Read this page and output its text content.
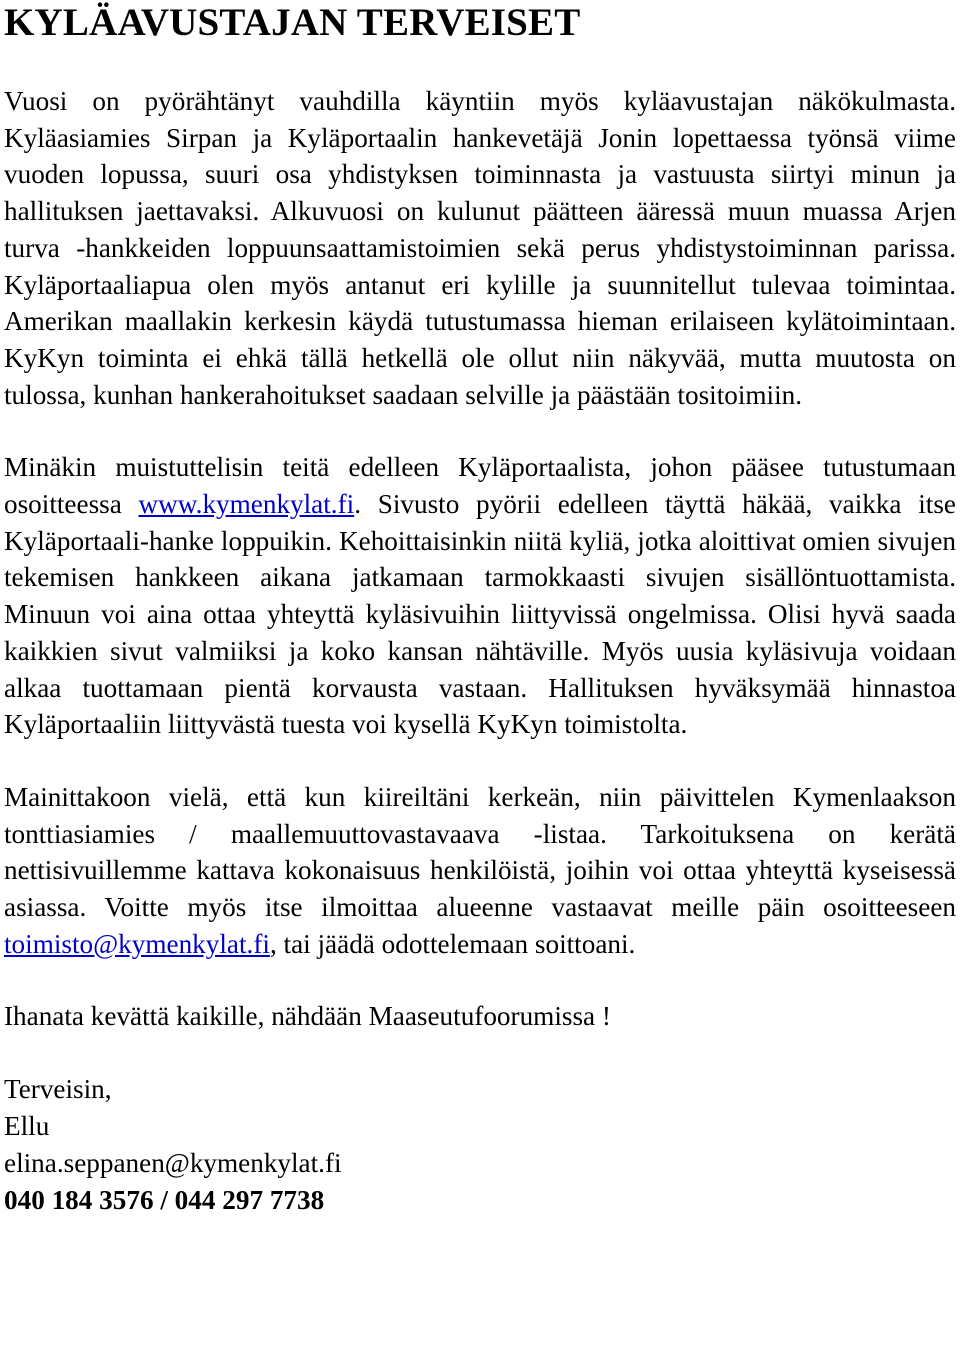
KYLÄAVUSTAJAN TERVEISET

Vuosi on pyörähtänyt vauhdilla käyntiin myös kyläavustajan näkökulmasta. Kyläasiamies Sirpan ja Kyläportaalin hankevetäjä Jonin lopettaessa työnsä viime vuoden lopussa, suuri osa yhdistyksen toiminnasta ja vastuusta siirtyi minun ja hallituksen jaettavaksi. Alkuvuosi on kulunut päätteen ääressä muun muassa Arjen turva -hankkeiden loppuunsaattamistoimien sekä perus yhdistystoiminnan parissa. Kyläportaaliapua olen myös antanut eri kylille ja suunnitellut tulevaa toimintaa. Amerikan maallakin kerkesin käydä tutustumassa hieman erilaiseen kylätoimintaan. KyKyn toiminta ei ehkä tällä hetkellä ole ollut niin näkyvää, mutta muutosta on tulossa, kunhan hankerahoitukset saadaan selville ja päästään tositoimiin.

Minäkin muistuttelisin teitä edelleen Kyläportaalista, johon pääsee tutustumaan osoitteessa www.kymenkylat.fi. Sivusto pyörii edelleen täyttä häkää, vaikka itse Kyläportaali-hanke loppuikin. Kehoittaisinkin niitä kyliä, jotka aloittivat omien sivujen tekemisen hankkeen aikana jatkamaan tarmokkaasti sivujen sisällöntuottamista. Minuun voi aina ottaa yhteyttä kyläsivuihin liittyvissä ongelmissa. Olisi hyvä saada kaikkien sivut valmiiksi ja koko kansan nähtäville. Myös uusia kyläsivuja voidaan alkaa tuottamaan pientä korvausta vastaan. Hallituksen hyväksymää hinnastoa Kyläportaaliin liittyvästä tuesta voi kysellä KyKyn toimistolta.

Mainittakoon vielä, että kun kiireiltäni kerkeän, niin päivittelen Kymenlaakson tonttiasiamies / maallemuuttovastavaava -listaa. Tarkoituksena on kerätä nettisivuillemme kattava kokonaisuus henkilöistä, joihin voi ottaa yhteyttä kyseisessä asiassa. Voitte myös itse ilmoittaa alueenne vastaavat meille päin osoitteeseen toimisto@kymenkylat.fi, tai jäädä odottelemaan soittoani.

Ihanata kevättä kaikille, nähdään Maaseutufoorumissa !

Terveisin,
Ellu
elina.seppanen@kymenkylat.fi
040 184 3576 / 044 297 7738
